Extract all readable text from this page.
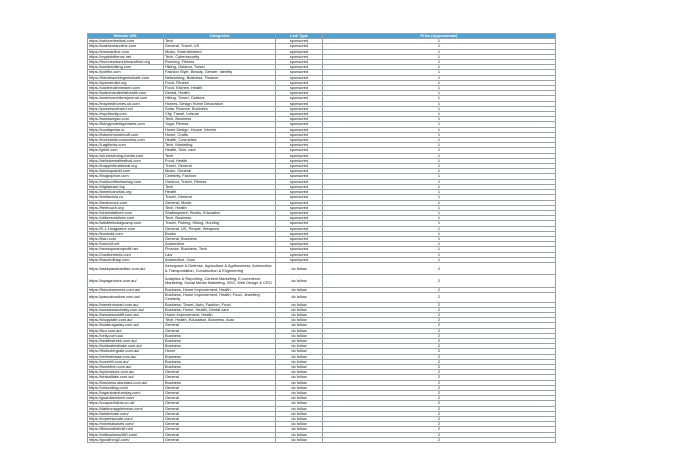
Website URL	Categories	Link Type	Price (Approximate)
https://robloxnfestival.com	Tech	sponsored	1
https://washemanoline.com	General, Travel, US	sponsored	1
https://emusanline.com	Music, Entertainment	sponsored	1
https://cryptobitlence.net	Tech, Cybersecurity	sponsored	1
https://fromnewsworldmarathon.org	Running, Fitness	sponsored	1
https://sandrahiking.com	Hiking, Outdoor, Travel	sponsored	1
https://pohflin.com	Fashion Style, Beauty, Gender, Identity	sponsored	1
https://thenetworkingmindsafe.com	Networking, Business, Finance	sponsored	1
https://spinnerdiet.org	Food, Fitness	sponsored	1
https://cardhealinmealen.com	Food, Kitchen, Health	sponsored	1
https://ladenhandentalhealth.com	Dental, Health	sponsored	1
https://americanhikersjournal.com	Hiking, Travel, Outdoor	sponsored	1
https://inspiredhomes.uk.com	Homes, Design Home Decoration	sponsored	1
https://powerscoinsert.xxl	Solar, Finance, Business	sponsored	1
https://mycitiocity.com	City, Travel, Leisure	sponsored	1
https://samsungso.com	Tech, Business	sponsored	1
https://livingyoubridgeofarts.com	Yoga, Fitness	sponsored	1
https://cooltapests.io	Home Design, House, Interior	sponsored	1
https://bdomehomecraft.com	Home, Crafts	sponsored	1
https://investolist-cosmetics.com	Health, Cosmetics	sponsored	1
https://Lagthinks.com	Tech, Marketing	sponsored	1
https://grintl.com	Health, Skin, care	sponsored	1
https://all-streaming-media.com	Tech	sponsored	1
https://deliciserealfestival.com	Food, Health	sponsored	1
https://inapplntenational.org	Travel, General	sponsored	1
https://ansisquartet.com	Music, General	sponsored	1
https://biographon.com	Celebrity, Fashion	sponsored	1
https://outdoorfitnessmag.com	Outdoor, Travel, Fitness	sponsored	1
https://digitalcare.top	Tech	sponsored	1
https://americanvitas.org	Health	sponsored	1
https://emilaviola.co	Travel, General	sponsored	1
https://bestcmore.com	General, Movie	sponsored	1
https://freetouch.org	Tech, Health	sponsored	1
https://cineestatinee.com	Shakespeare, Books, Education	sponsored	1
https://utilizesmidives.com	Tech, Business	sponsored	1
https://wildlifefarbagcamp.com	Travel, Fishing, Hiking, Hunting	sponsored	1
https://9-1-1magazine.com	General, US, People, Weapons	sponsored	1
https://bookstd.com	Books	sponsored	1
https://kwu.com	General, Business	sponsored	1
https://carsvid.net	Automotive	sponsored	1
https://newsqueandprofit.net	Finance, Business, Tech	sponsored	1
https://Justicemees.com	Law	sponsored	1
https://bauotoflraqi.com	Automotive, Cars	sponsored	1
https://askbyaustraeliise.com.au/	Aerospace & Defense, Agriculture & Agribusiness, Automotive & Transportation, Construction & Engineering	do follow	2
https://topagencies.com.au/	Analytics & Reporting, Content Marketing, E-commerce Marketing, Social Media Marketing, SEO, Web Design & CRO	do follow	2
https://fiduciesesmes.com.au/	Business, Home Improvement, Health	do follow	2
https://panuabusilore.com.au/	Business, Home Improvement, Health, Food, Jewellery, Celebrity	do follow	2
https://mereinmorad.com.au/	Business, Travel, Auto, Fashion, Food	do follow	2
https://aussiesaucinatly.com.au/	Business, Home, Health, Dental care	do follow	2
https://bessiessoldiff.com.au/	Home Improvement, Health	do follow	2
https://shopplate.com.au/	Tech, Health, Education, Business, Auto	do follow	2
https://bolderagalary.com.au/	General	do follow	2
https://ticu.com.au/	General	do follow	2
https://velly.com.au/	Business	do follow	2
https://healthsfreek.com.au/	Business	do follow	2
https://holdsabesttake.com.au/	Business	do follow	2
https://firsfootergrale.com.au/	Home	do follow	2
https://verlinlerwaa.com.au/	Business	do follow	2
https://coverlill.com.au/	Business	do follow	2
https://funnblinn.com.au/	Business	do follow	2
https://spinxrepes.com.au/	General	do follow	2
https://whisaflake.com.au/	General	do follow	2
https://business-standard.com.au/	Business	do follow	2
https://uniscrding.com/	General	do follow	2
https://organicsinfurnday.com/	General	do follow	2
https://guardianslove.com/	General	do follow	2
https://couponfollow.co.uk/	General	do follow	2
https://dabbonappleinews.com/	General	do follow	2
https://artsbetube.com/	General	do follow	2
https://expertsanote.com/	General	do follow	2
https://minimalsaves.com/	General	do follow	2
https://fitmowdhelmitl.net/	General	do follow	2
https://mitbusiness360.com/	General	do follow	2
https://goodthing2.com/	General	do follow	2
